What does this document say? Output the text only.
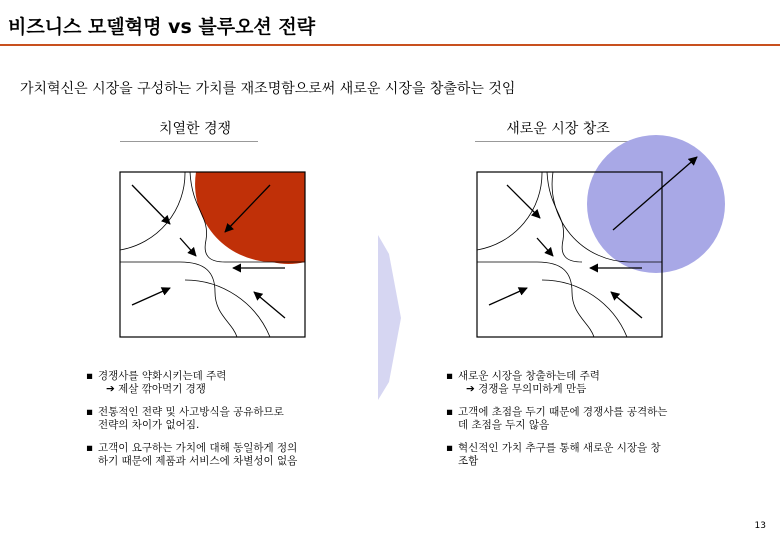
비즈니스 모델혁명 vs 블루오션 전략
가치혁신은 시장을 구성하는 가치를 재조명함으로써 새로운 시장을 창출하는 것임
치열한 경쟁	새로운 시장 창조
▪ 경쟁사를 약화시키는데 주력
➔ 제살 깎아먹기 경쟁
▪ 전통적인 전략 및 사고방식을 공유하므로
전략의 차이가 없어짐.
▪ 고객이 요구하는 가치에 대해 동일하게 정의
하기 때문에 제품과 서비스에 차별성이 없음
▪ 새로운 시장을 창출하는데 주력
➔ 경쟁을 무의미하게 만듬
▪ 고객에 초점을 두기 때문에 경쟁사를 공격하는
데 초점을 두지 않음
▪ 혁신적인 가치 추구를 통해 새로운 시장을 창
조함
13
